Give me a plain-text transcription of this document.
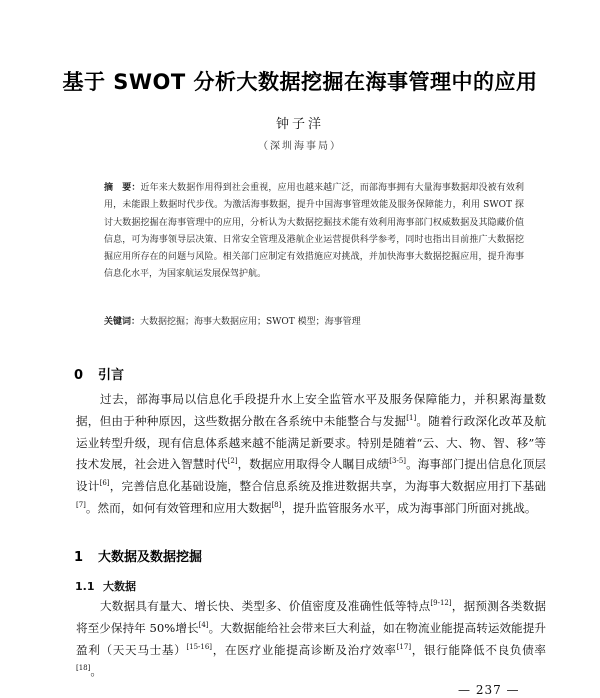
基于 SWOT 分析大数据挖掘在海事管理中的应用
钟子洋
（深圳海事局）
摘　要：近年来大数据作用得到社会重视，应用也越来越广泛，而部海事拥有大量海事数据却没被有效利用，未能跟上数据时代步伐。为激活海事数据，提升中国海事管理效能及服务保障能力，利用 SWOT 探讨大数据挖掘在海事管理中的应用，分析认为大数据挖掘技术能有效利用海事部门权威数据及其隐藏价值信息，可为海事领导层决策、日常安全管理及港航企业运营提供科学参考，同时也指出目前推广大数据挖掘应用所存在的问题与风险。相关部门应制定有效措施应对挑战，并加快海事大数据挖掘应用，提升海事信息化水平，为国家航运发展保驾护航。
关键词：大数据挖掘；海事大数据应用；SWOT 模型；海事管理
0 引言

过去，部海事局以信息化手段提升水上安全监管水平及服务保障能力，并积累海量数据，但由于种种原因，这些数据分散在各系统中未能整合与发掘[1]。随着行政深化改革及航运业转型升级，现有信息体系越来越不能满足新要求。特别是随着“云、大、物、智、移”等技术发展，社会进入智慧时代[2]，数据应用取得令人瞩目成绩[3-5]。海事部门提出信息化顶层设计[6]，完善信息化基础设施，整合信息系统及推进数据共享，为海事大数据应用打下基础[7]。然而，如何有效管理和应用大数据[8]，提升监管服务水平，成为海事部门所面对挑战。

1 大数据及数据挖掘
1.1 大数据

大数据具有量大、增长快、类型多、价值密度及准确性低等特点[9-12]，据预测各类数据将至少保持年 50%增长[4]。大数据能给社会带来巨大利益，如在物流业能提高转运效能提升盈利（天天马士基）[15-16]，在医疗业能提高诊断及治疗效率[17]，银行能降低不良负债率[18]。

— 237 —
